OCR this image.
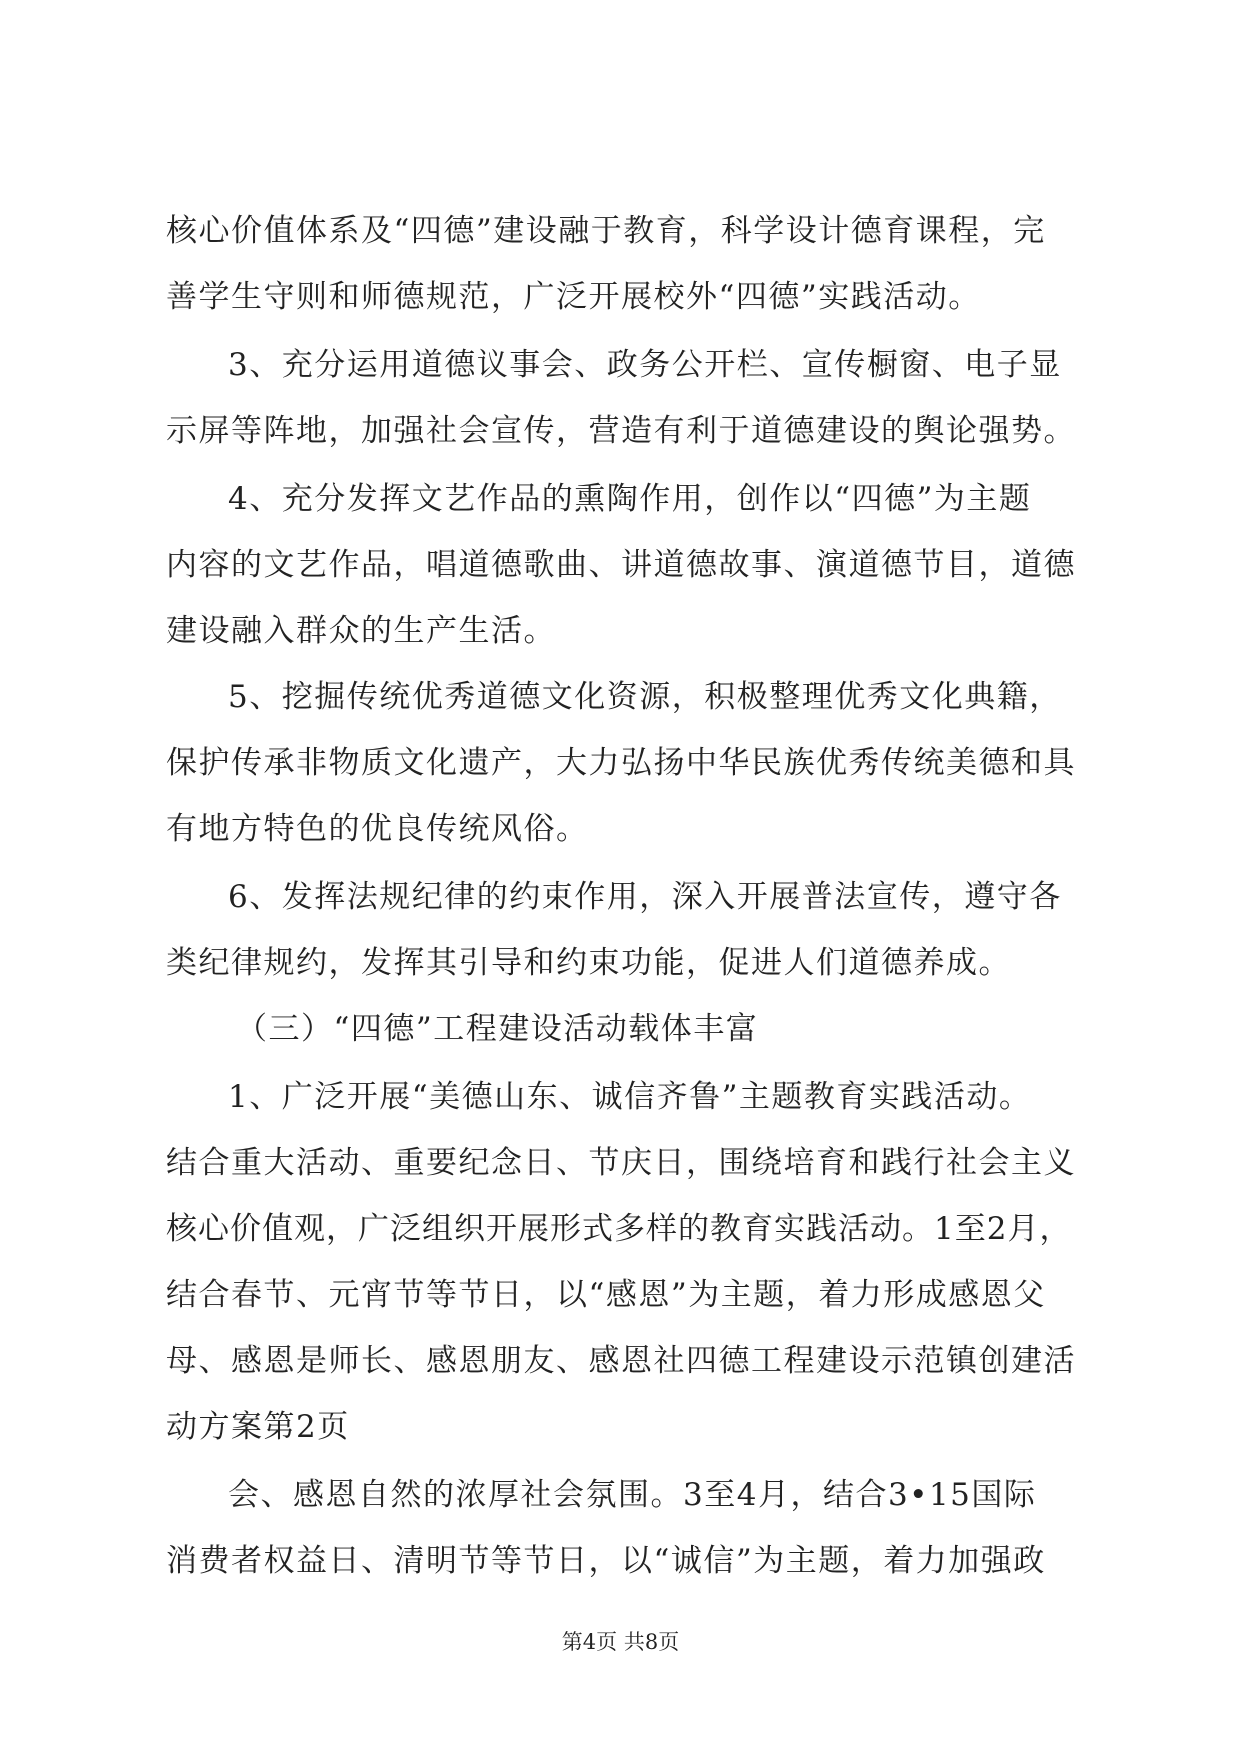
核心价值体系及“四德”建设融于教育，科学设计德育课程，完
善学生守则和师德规范，广泛开展校外“四德”实践活动。
3、充分运用道德议事会、政务公开栏、宣传橱窗、电子显
示屏等阵地，加强社会宣传，营造有利于道德建设的舆论强势。
4、充分发挥文艺作品的熏陶作用，创作以“四德”为主题
内容的文艺作品，唱道德歌曲、讲道德故事、演道德节目，道德
建设融入群众的生产生活。
5、挖掘传统优秀道德文化资源，积极整理优秀文化典籍，
保护传承非物质文化遗产，大力弘扬中华民族优秀传统美德和具
有地方特色的优良传统风俗。
6、发挥法规纪律的约束作用，深入开展普法宣传，遵守各
类纪律规约，发挥其引导和约束功能，促进人们道德养成。
（三）“四德”工程建设活动载体丰富
1、广泛开展“美德山东、诚信齐鲁”主题教育实践活动。
结合重大活动、重要纪念日、节庆日，围绕培育和践行社会主义
核心价值观，广泛组织开展形式多样的教育实践活动。1至2月，
结合春节、元宵节等节日，以“感恩”为主题，着力形成感恩父
母、感恩是师长、感恩朋友、感恩社四德工程建设示范镇创建活
动方案第2页
会、感恩自然的浓厚社会氛围。3至4月，结合3•15国际
消费者权益日、清明节等节日，以“诚信”为主题，着力加强政
第4页 共8页
